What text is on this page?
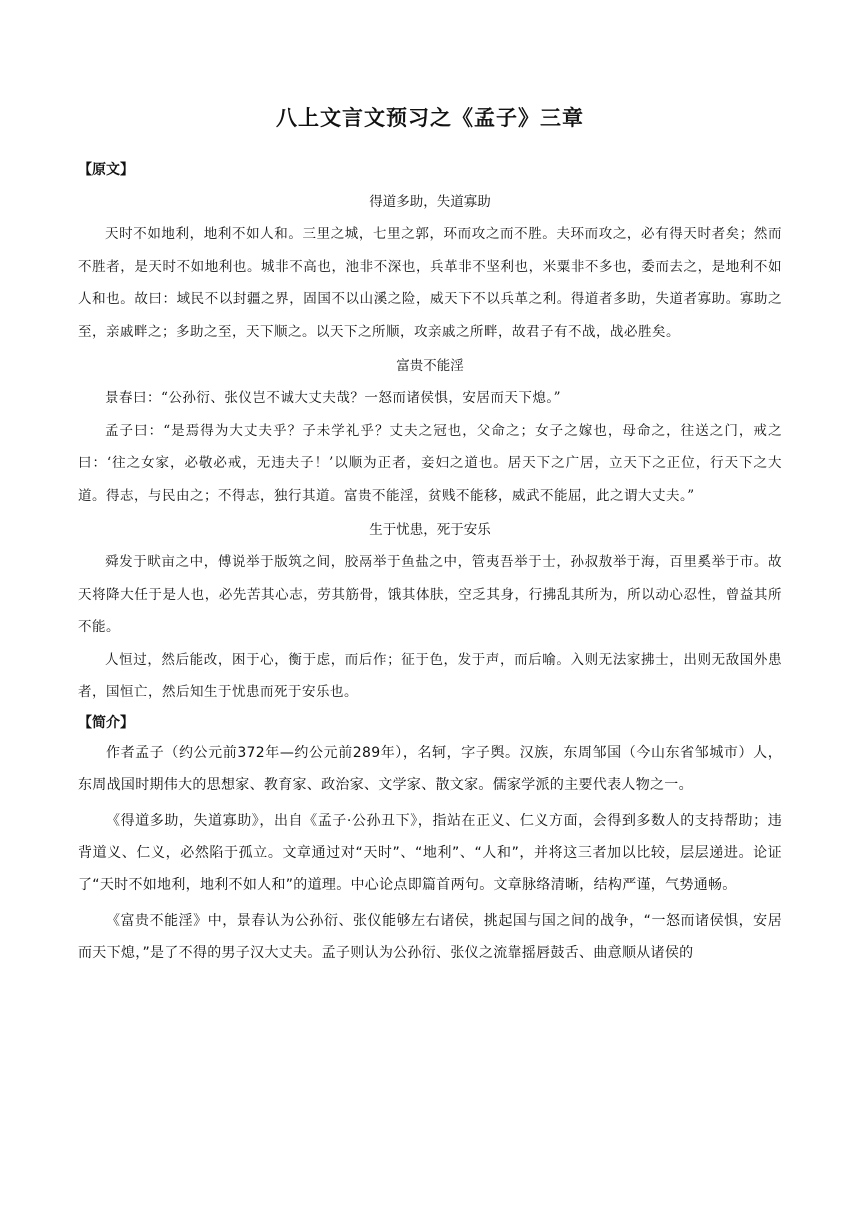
八上文言文预习之《孟子》三章
【原文】
得道多助，失道寡助

天时不如地利，地利不如人和。三里之城，七里之郭，环而攻之而不胜。夫环而攻之，必有得天时者矣；然而不胜者，是天时不如地利也。城非不高也，池非不深也，兵革非不坚利也，米粟非不多也，委而去之，是地利不如人和也。故曰：域民不以封疆之界，固国不以山溪之险，威天下不以兵革之利。得道者多助，失道者寡助。寡助之至，亲戚畔之；多助之至，天下顺之。以天下之所顺，攻亲戚之所畔，故君子有不战，战必胜矣。

富贵不能淫

景春曰：“公孙衍、张仪岂不诚大丈夫哉？一怒而诸侯惧，安居而天下熄。”

孟子曰：“是焉得为大丈夫乎？子未学礼乎？丈夫之冠也，父命之；女子之嫁也，母命之，往送之门，戒之曰：‘往之女家，必敬必戒，无违夫子！’以顺为正者，妾妇之道也。居天下之广居，立天下之正位，行天下之大道。得志，与民由之；不得志，独行其道。富贵不能淫，贫贱不能移，威武不能屈，此之谓大丈夫。”

生于忧患，死于安乐

舜发于畎亩之中，傅说举于版筑之间，胶鬲举于鱼盐之中，管夷吾举于士，孙叔敖举于海，百里奚举于市。故天将降大任于是人也，必先苦其心志，劳其筋骨，饿其体肤，空乏其身，行拂乱其所为，所以动心忍性，曾益其所不能。

人恒过，然后能改，困于心，衡于虑，而后作；征于色，发于声，而后喻。入则无法家拂士，出则无敌国外患者，国恒亡，然后知生于忧患而死于安乐也。

【简介】

作者孟子（约公元前372年—约公元前289年），名轲，字子舆。汉族，东周邹国（今山东省邹城市）人，东周战国时期伟大的思想家、教育家、政治家、文学家、散文家。儒家学派的主要代表人物之一。

《得道多助，失道寡助》，出自《孟子·公孙丑下》，指站在正义、仁义方面，会得到多数人的支持帮助；违背道义、仁义，必然陷于孤立。文章通过对“天时”、“地利”、“人和”，并将这三者加以比较，层层递进。论证了“天时不如地利，地利不如人和”的道理。中心论点即篇首两句。文章脉络清晰，结构严谨，气势通畅。

《富贵不能淫》中，景春认为公孙衍、张仪能够左右诸侯，挑起国与国之间的战争，“一怒而诸侯惧，安居而天下熄，”是了不得的男子汉大丈夫。孟子则认为公孙衍、张仪之流靠摇唇鼓舌、曲意顺从诸侯的
